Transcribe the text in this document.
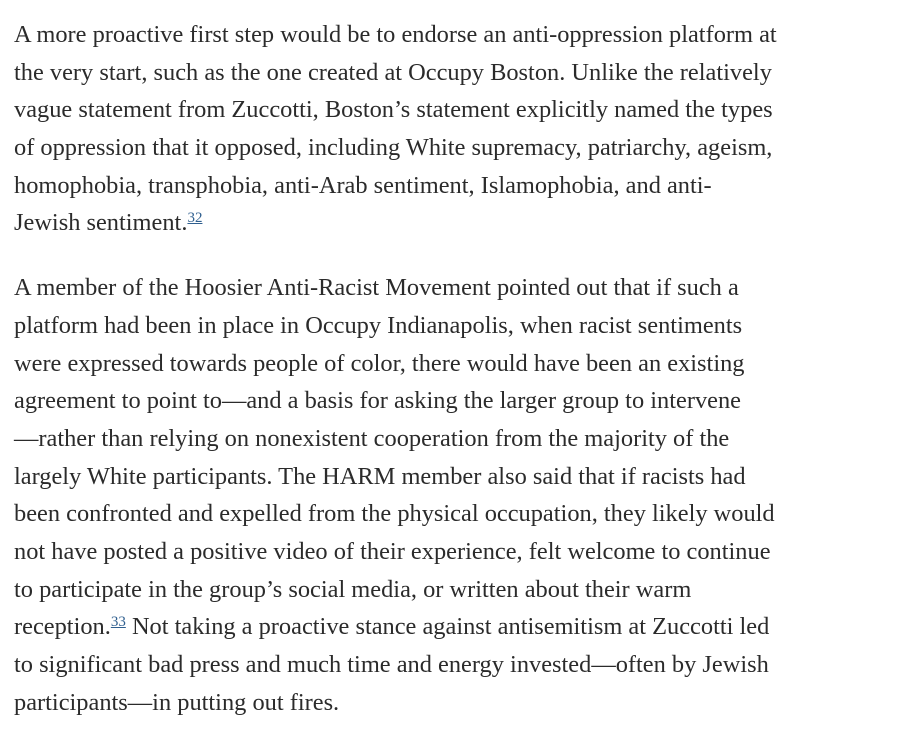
A more proactive first step would be to endorse an anti-oppression platform at
the very start, such as the one created at Occupy Boston. Unlike the relatively
vague statement from Zuccotti, Boston’s statement explicitly named the types
of oppression that it opposed, including White supremacy, patriarchy, ageism,
homophobia, transphobia, anti-Arab sentiment, Islamophobia, and anti-
Jewish sentiment.$^{32}$

A member of the Hoosier Anti-Racist Movement pointed out that if such a
platform had been in place in Occupy Indianapolis, when racist sentiments
were expressed towards people of color, there would have been an existing
agreement to point to—and a basis for asking the larger group to intervene
—rather than relying on nonexistent cooperation from the majority of the
largely White participants. The HARM member also said that if racists had
been confronted and expelled from the physical occupation, they likely would
not have posted a positive video of their experience, felt welcome to continue
to participate in the group’s social media, or written about their warm
reception.$^{33}$ Not taking a proactive stance against antisemitism at Zuccotti led
to significant bad press and much time and energy invested—often by Jewish
participants—in putting out fires.
